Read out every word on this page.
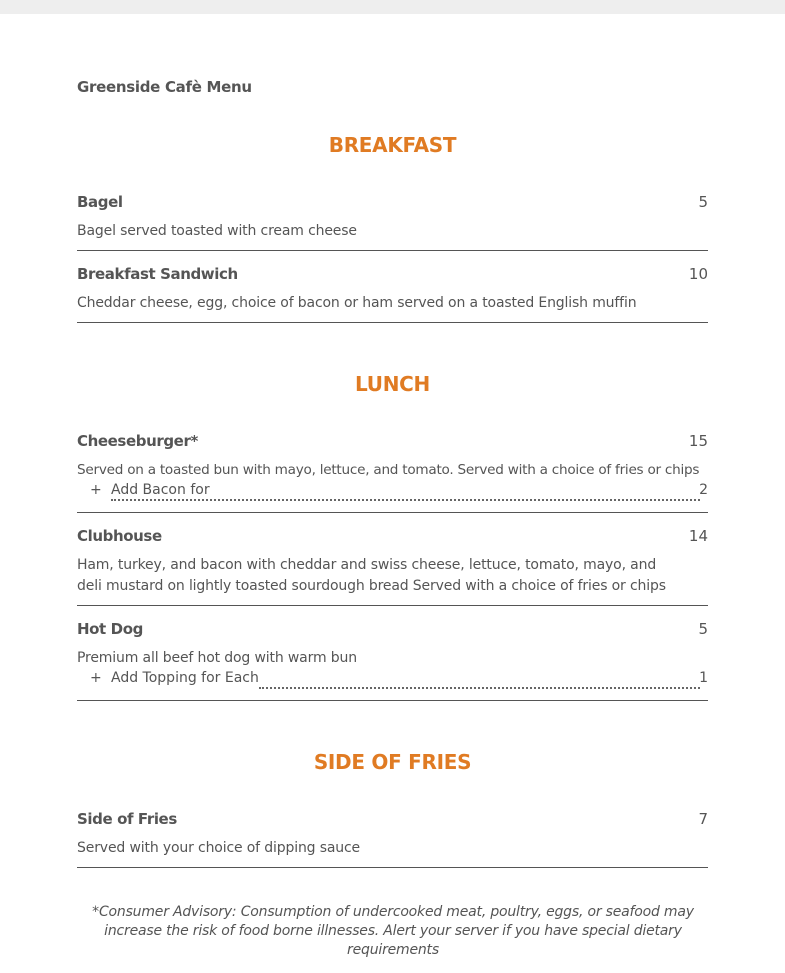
Greenside Cafè Menu
BREAKFAST
Bagel	5
Bagel served toasted with cream cheese
Breakfast Sandwich	10
Cheddar cheese, egg, choice of bacon or ham served on a toasted English muffin
LUNCH
Cheeseburger*	15
Served on a toasted bun with mayo, lettuce, and tomato. Served with a choice of fries or chips
+ Add Bacon for	2
Clubhouse	14
Ham, turkey, and bacon with cheddar and swiss cheese, lettuce, tomato, mayo, and deli mustard on lightly toasted sourdough bread Served with a choice of fries or chips
Hot Dog	5
Premium all beef hot dog with warm bun
+ Add Topping for Each	1
SIDE OF FRIES
Side of Fries	7
Served with your choice of dipping sauce
*Consumer Advisory: Consumption of undercooked meat, poultry, eggs, or seafood may increase the risk of food borne illnesses. Alert your server if you have special dietary requirements
